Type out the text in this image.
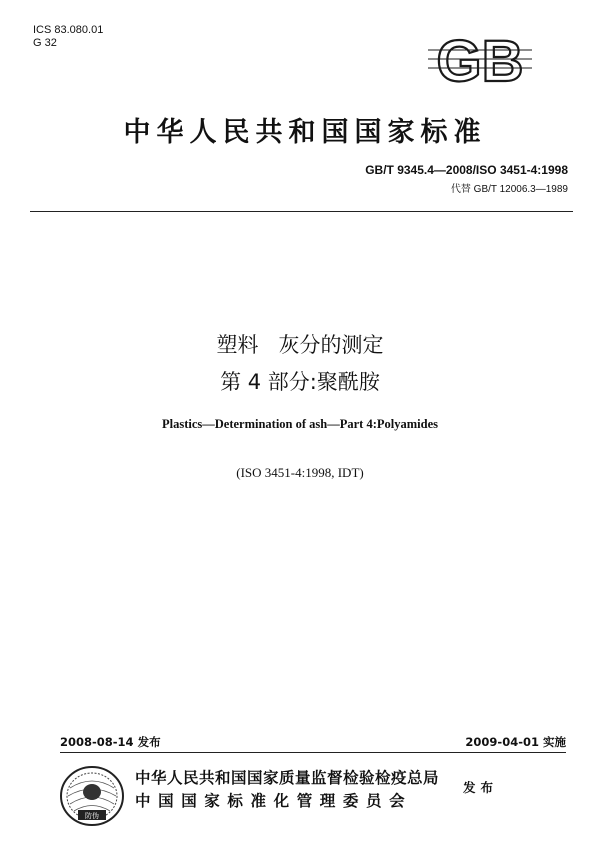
ICS 83.080.01
G 32	GB
中华人民共和国国家标准
GB/T 9345.4—2008/ISO 3451-4:1998
代替 GB/T 12006.3—1989
塑料   灰分的测定
第 4 部分:聚酰胺
Plastics—Determination of ash—Part 4:Polyamides
(ISO 3451-4:1998, IDT)
2008-08-14 发布	2009-04-01 实施
防伪
中华人民共和国国家质量监督检验检疫总局
中国国家标准化管理委员会
发布
